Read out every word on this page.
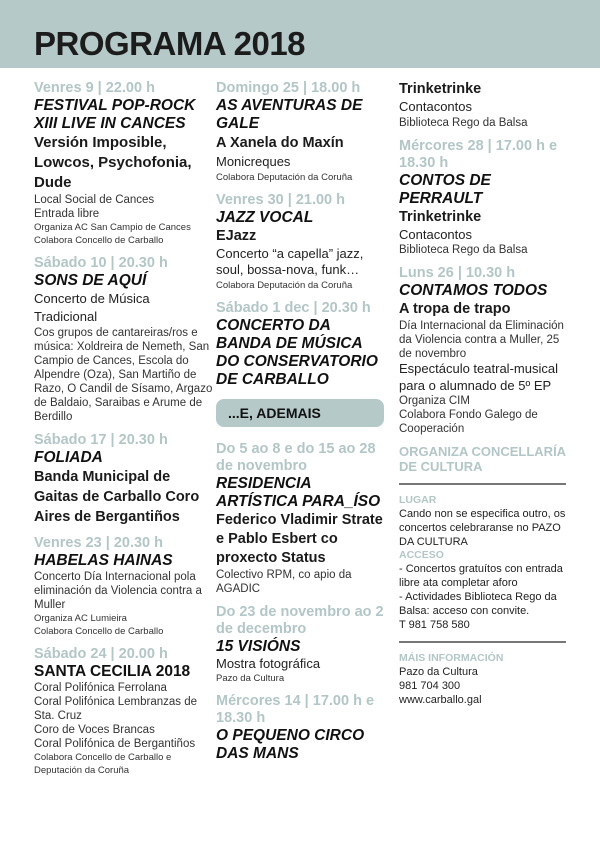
PROGRAMA 2018
Venres 9 | 22.00 h
FESTIVAL POP-ROCK XIII LIVE IN CANCES
Versión Imposible, Lowcos, Psychofonia, Dude
Local Social de Cances
Entrada libre
Organiza AC San Campio de Cances
Colabora Concello de Carballo
Sábado 10 | 20.30 h
SONS DE AQUÍ
Concerto de Música Tradicional
Cos grupos de cantareiras/ros e música: Xoldreira de Nemeth, San Campio de Cances, Escola do Alpendre (Oza), San Martiño de Razo, O Candil de Sísamo, Argazo de Baldaio, Saraibas e Arume de Berdillo
Sábado 17 | 20.30 h
FOLIADA
Banda Municipal de Gaitas de Carballo Coro Aires de Bergantiños
Venres 23 | 20.30 h
HABELAS HAINAS
Concerto Día Internacional pola eliminación da Violencia contra a Muller
Organiza AC Lumieira
Colabora Concello de Carballo
Sábado 24 | 20.00 h
SANTA CECILIA 2018
Coral Polifónica Ferrolana
Coral Polifónica Lembranzas de Sta. Cruz
Coro de Voces Brancas
Coral Polifónica de Bergantiños
Colabora Concello de Carballo e Deputación da Coruña
Domingo 25 | 18.00 h
AS AVENTURAS DE GALE
A Xanela do Maxín
Monicreques
Colabora Deputación da Coruña
Venres 30 | 21.00 h
JAZZ VOCAL
EJazz
Concerto “a capella” jazz, soul, bossa-nova, funk…
Colabora Deputación da Coruña
Sábado 1 dec | 20.30 h
CONCERTO DA BANDA DE MÚSICA DO CONSERVATORIO DE CARBALLO
...E, ADEMAIS
Do 5 ao 8 e do 15 ao 28 de novembro
RESIDENCIA ARTÍSTICA PARA_ÍSO
Federico Vladimir Strate e Pablo Esbert co proxecto Status
Colectivo RPM, co apio da AGADIC
Do 23 de novembro ao 2 de decembro
15 VISIÓNS
Mostra fotográfica
Pazo da Cultura
Mércores 14 | 17.00 h e 18.30 h
O PEQUENO CIRCO DAS MANS
Trinketrinke
Contacontos
Biblioteca Rego da Balsa
Mércores 28 | 17.00 h e 18.30 h
CONTOS DE PERRAULT
Trinketrinke
Contacontos
Biblioteca Rego da Balsa
Luns 26 | 10.30 h
CONTAMOS TODOS
A tropa de trapo
Día Internacional da Eliminación da Violencia contra a Muller, 25 de novembro
Espectáculo teatral-musical para o alumnado de 5º EP
Organiza CIM
Colabora Fondo Galego de Cooperación
ORGANIZA CONCELLARÍA DE CULTURA
LUGAR
Cando non se especifica outro, os concertos celebraranse no PAZO DA CULTURA
ACCESO
- Concertos gratuítos con entrada libre ata completar aforo
- Actividades Biblioteca Rego da Balsa: acceso con convite.
T 981 758 580
MÁIS INFORMACIÓN
Pazo da Cultura
981 704 300
www.carballo.gal
